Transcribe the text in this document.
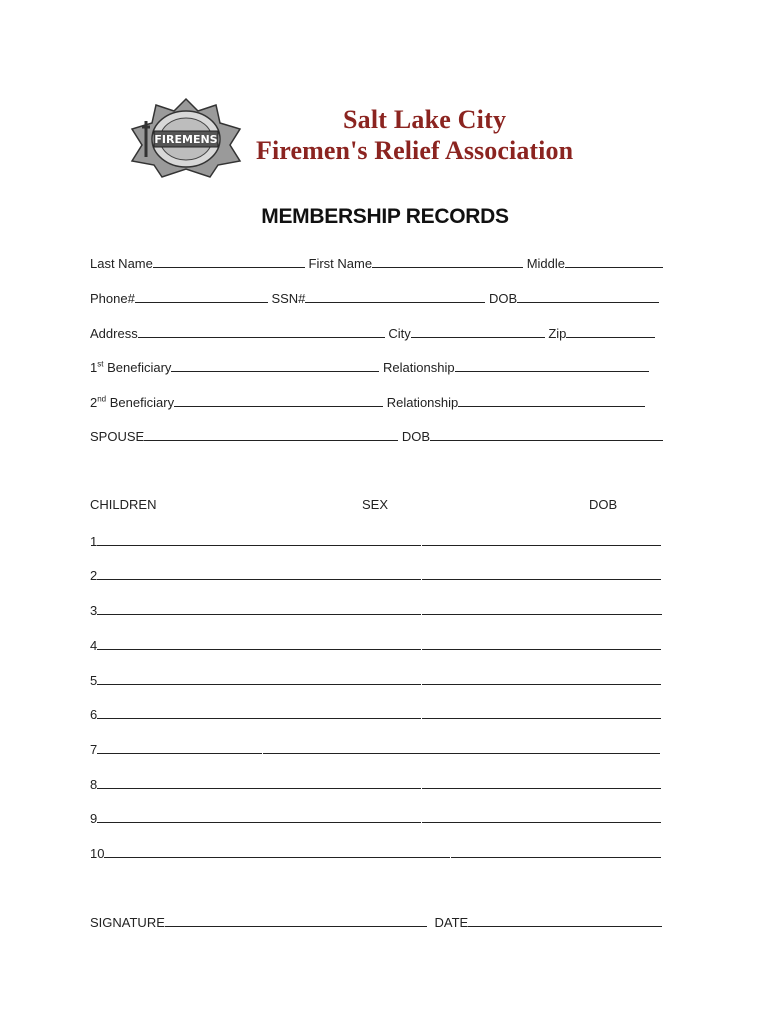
FIREMENS
Salt Lake City
Firemen's Relief Association
MEMBERSHIP RECORDS
Last Name	First Name	Middle
Phone#	SSN#	DOB
Address	City	Zip
1st Beneficiary	Relationship
2nd Beneficiary	Relationship
SPOUSE	DOB
CHILDREN	SEX	DOB
1
2
3
4
5
6
7
8
9
10
SIGNATURE	DATE
